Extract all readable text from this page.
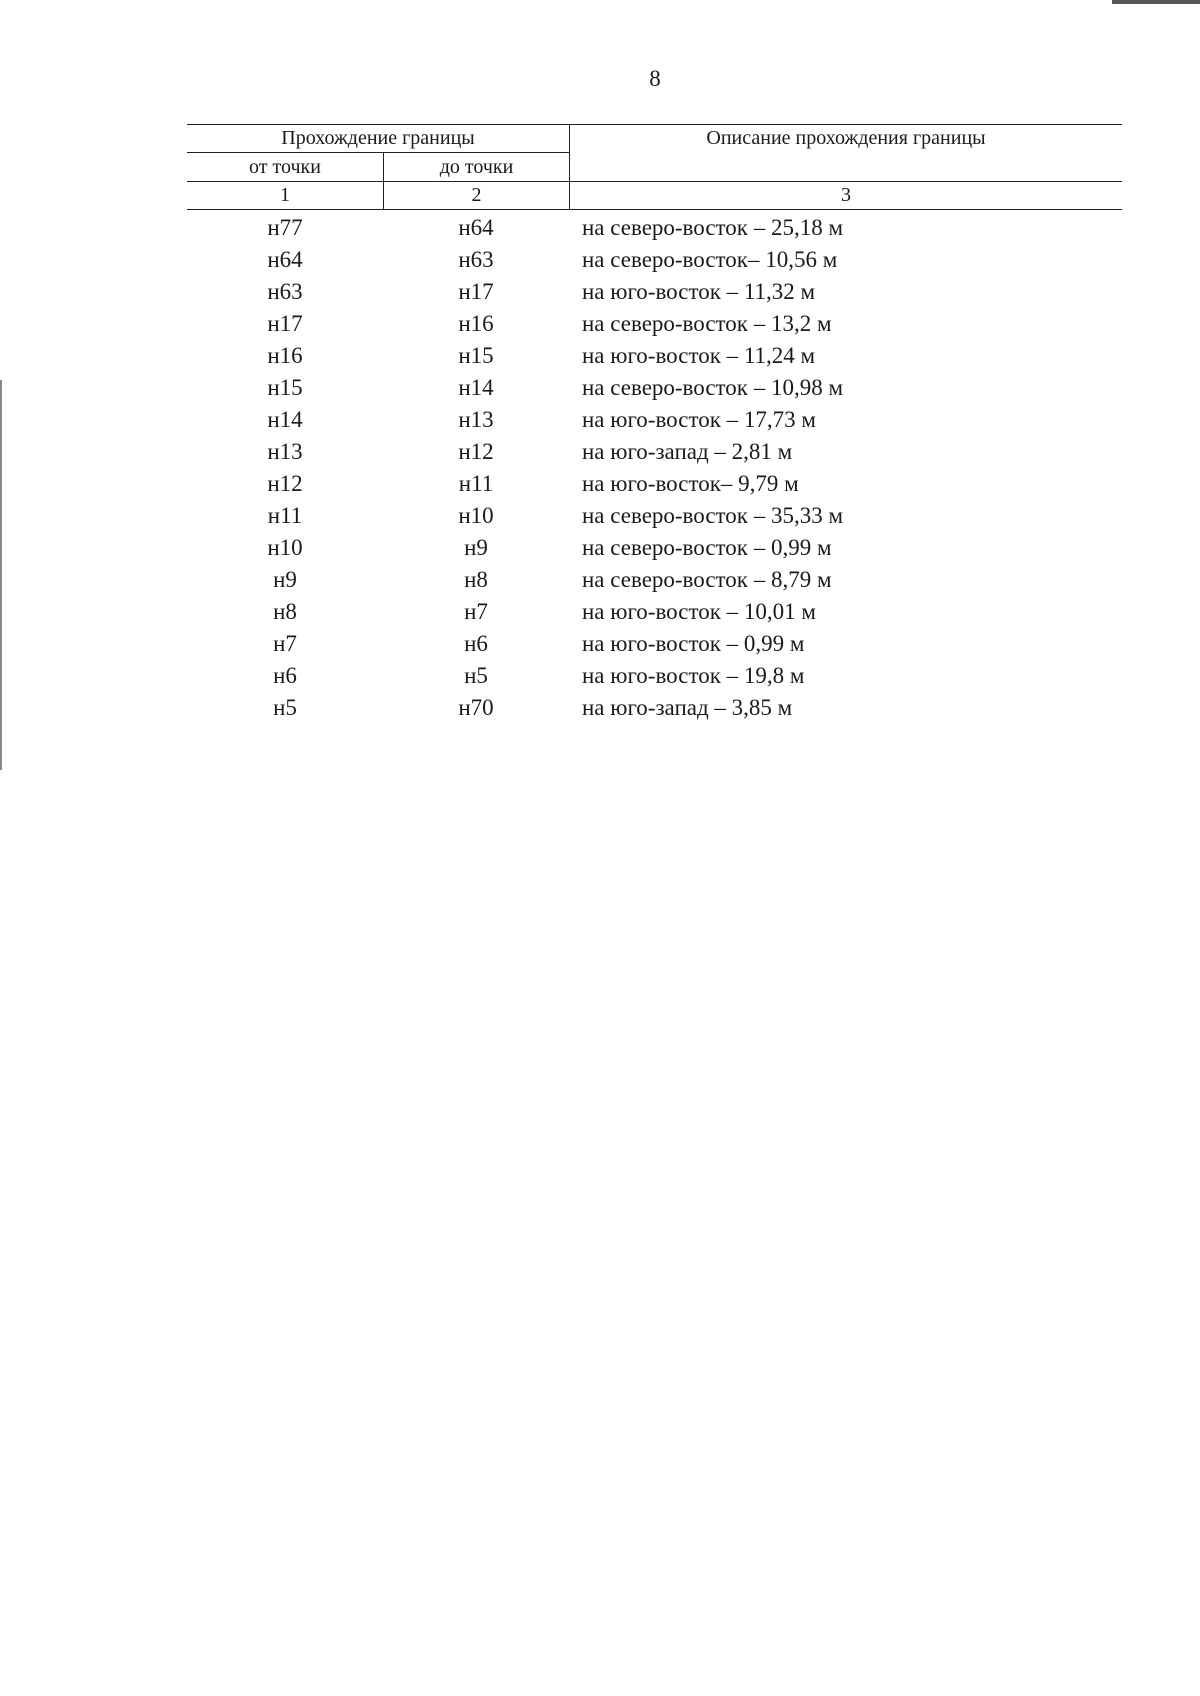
8
Прохождение границы	Описание прохождения границы
от точки	до точки
1	2	3
н77	н64	на северо-восток – 25,18 м
н64	н63	на северо-восток– 10,56 м
н63	н17	на юго-восток – 11,32 м
н17	н16	на северо-восток – 13,2 м
н16	н15	на юго-восток – 11,24 м
н15	н14	на северо-восток – 10,98 м
н14	н13	на юго-восток – 17,73 м
н13	н12	на юго-запад – 2,81 м
н12	н11	на юго-восток– 9,79 м
н11	н10	на северо-восток – 35,33 м
н10	н9	на северо-восток – 0,99 м
н9	н8	на северо-восток – 8,79 м
н8	н7	на юго-восток – 10,01 м
н7	н6	на юго-восток – 0,99 м
н6	н5	на юго-восток – 19,8 м
н5	н70	на юго-запад – 3,85 м
